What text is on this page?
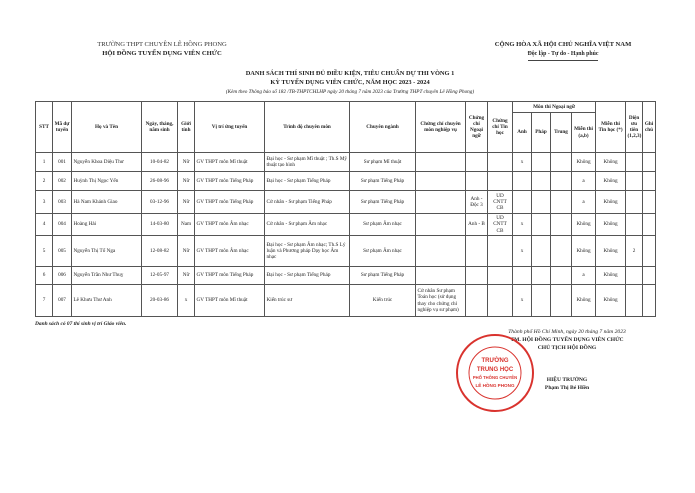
TRƯỜNG THPT CHUYÊN LÊ HỒNG PHONG
HỘI ĐỒNG TUYỂN DỤNG VIÊN CHỨC
CỘNG HÒA XÃ HỘI CHỦ NGHĨA VIỆT NAM
Độc lập - Tự do - Hạnh phúc
DANH SÁCH THÍ SINH ĐỦ ĐIỀU KIỆN, TIÊU CHUẨN DỰ THI VÒNG 1
KỲ TUYỂN DỤNG VIÊN CHỨC, NĂM HỌC 2023 - 2024
(Kèm theo Thông báo số 182 /TB-THPTCHLHP ngày 20 tháng 7 năm 2023 của Trường THPT chuyên Lê Hồng Phong)
STT	Mã dự tuyển	Họ và Tên	Ngày, tháng, năm sinh	Giới tính	Vị trí ứng tuyển	Trình độ chuyên môn	Chuyên ngành	Chứng chỉ chuyên môn nghiệp vụ	Chứng chỉ Ngoại ngữ	Chứng chỉ Tin học	Môn thi Ngoại ngữ				Miễn thi Tin học (*)	Diện ưu tiên (1,2,3)	Ghi chú
											Anh	Pháp	Trung	Miễn thi (a,b)			
1	001	Nguyễn Khoa Diệu Thư	10-04-82	Nữ	GV THPT môn Mĩ thuật	Đại học - Sư phạm Mĩ thuật ; Th.S Mỹ thuật tạo hình	Sư phạm Mĩ thuật				x			Không	Không		
2	002	Huỳnh Thị Ngọc Yến	26-08-96	Nữ	GV THPT môn Tiếng Pháp	Đại học - Sư phạm Tiếng Pháp	Sư phạm Tiếng Pháp							a	Không		
3	003	Hà Nam Khánh Giao	03-12-96	Nữ	GV THPT môn Tiếng Pháp	Cử nhân - Sư phạm Tiếng Pháp	Sư phạm Tiếng Pháp		Anh - Độc 3	UD CNTT CB				a	Không		
4	004	Hoàng Hải	14-03-80	Nam	GV THPT môn Âm nhạc	Cử nhân - Sư phạm Âm nhạc	Sư phạm Âm nhạc		Anh - B	UD CNTT CB	x			Không	Không		
5	005	Nguyễn Thị Tố Nga	12-08-82	Nữ	GV THPT môn Âm nhạc	Đại học - Sư phạm Âm nhạc; Th.S Lý luận và Phương pháp Dạy học Âm nhạc	Sư phạm Âm nhạc				x			Không	Không	2	
6	006	Nguyễn Trần Như Thuỵ	12-05-97	Nữ	GV THPT môn Tiếng Pháp	Đại học - Sư phạm Tiếng Pháp	Sư phạm Tiếng Pháp							a	Không		
7	007	Lê Khưu Thư Anh	20-03-86	x	GV THPT môn Mĩ thuật	Kiến trúc sư	Kiến trúc	Cử nhân Sư phạm Toán học (sử dụng thay cho chứng chỉ nghiệp vụ sư phạm)			x			Không	Không		
Danh sách có 07 thí sinh vị trí Giáo viên.
Thành phố Hồ Chí Minh, ngày 20 tháng 7 năm 2023
TM. HỘI ĐỒNG TUYỂN DỤNG VIÊN CHỨC
CHỦ TỊCH HỘI ĐỒNG
HIỆU TRƯỞNG
Phạm Thị Bé Hiền
TRƯỜNG
TRUNG HỌC
PHỔ THÔNG CHUYÊN
LÊ HỒNG PHONG
